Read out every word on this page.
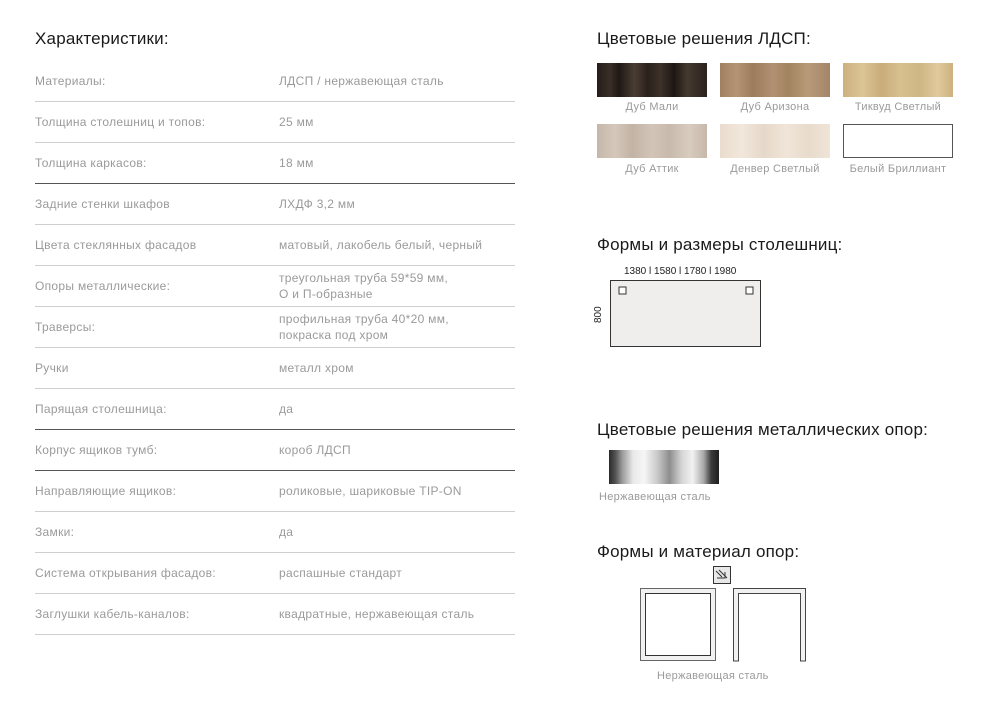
Характеристики:
Материалы:	ЛДСП / нержавеющая сталь
Толщина столешниц и топов:	25 мм
Толщина каркасов:	18 мм
Задние стенки шкафов	ЛХДФ 3,2 мм
Цвета стеклянных фасадов	матовый, лакобель белый, черный
Опоры металлические:
треугольная труба 59*59 мм,
О и П-образные
Траверсы:
профильная труба 40*20 мм,
покраска под хром
Ручки	металл хром
Парящая столешница:	да
Корпус ящиков тумб:	короб ЛДСП
Направляющие ящиков:	роликовые, шариковые TIP-ON
Замки:	да
Система открывания фасадов:	распашные стандарт
Заглушки кабель-каналов:	квадратные, нержавеющая сталь
Цветовые решения ЛДСП:
Дуб Мали	Дуб Аризона	Тиквуд Светлый
Дуб Аттик	Денвер Светлый	Белый Бриллиант
Формы и размеры столешниц:
1380 l 1580 l 1780 l 1980
800
Цветовые решения металлических опор:
Нержавеющая сталь
Формы и материал опор:
Нержавеющая сталь
